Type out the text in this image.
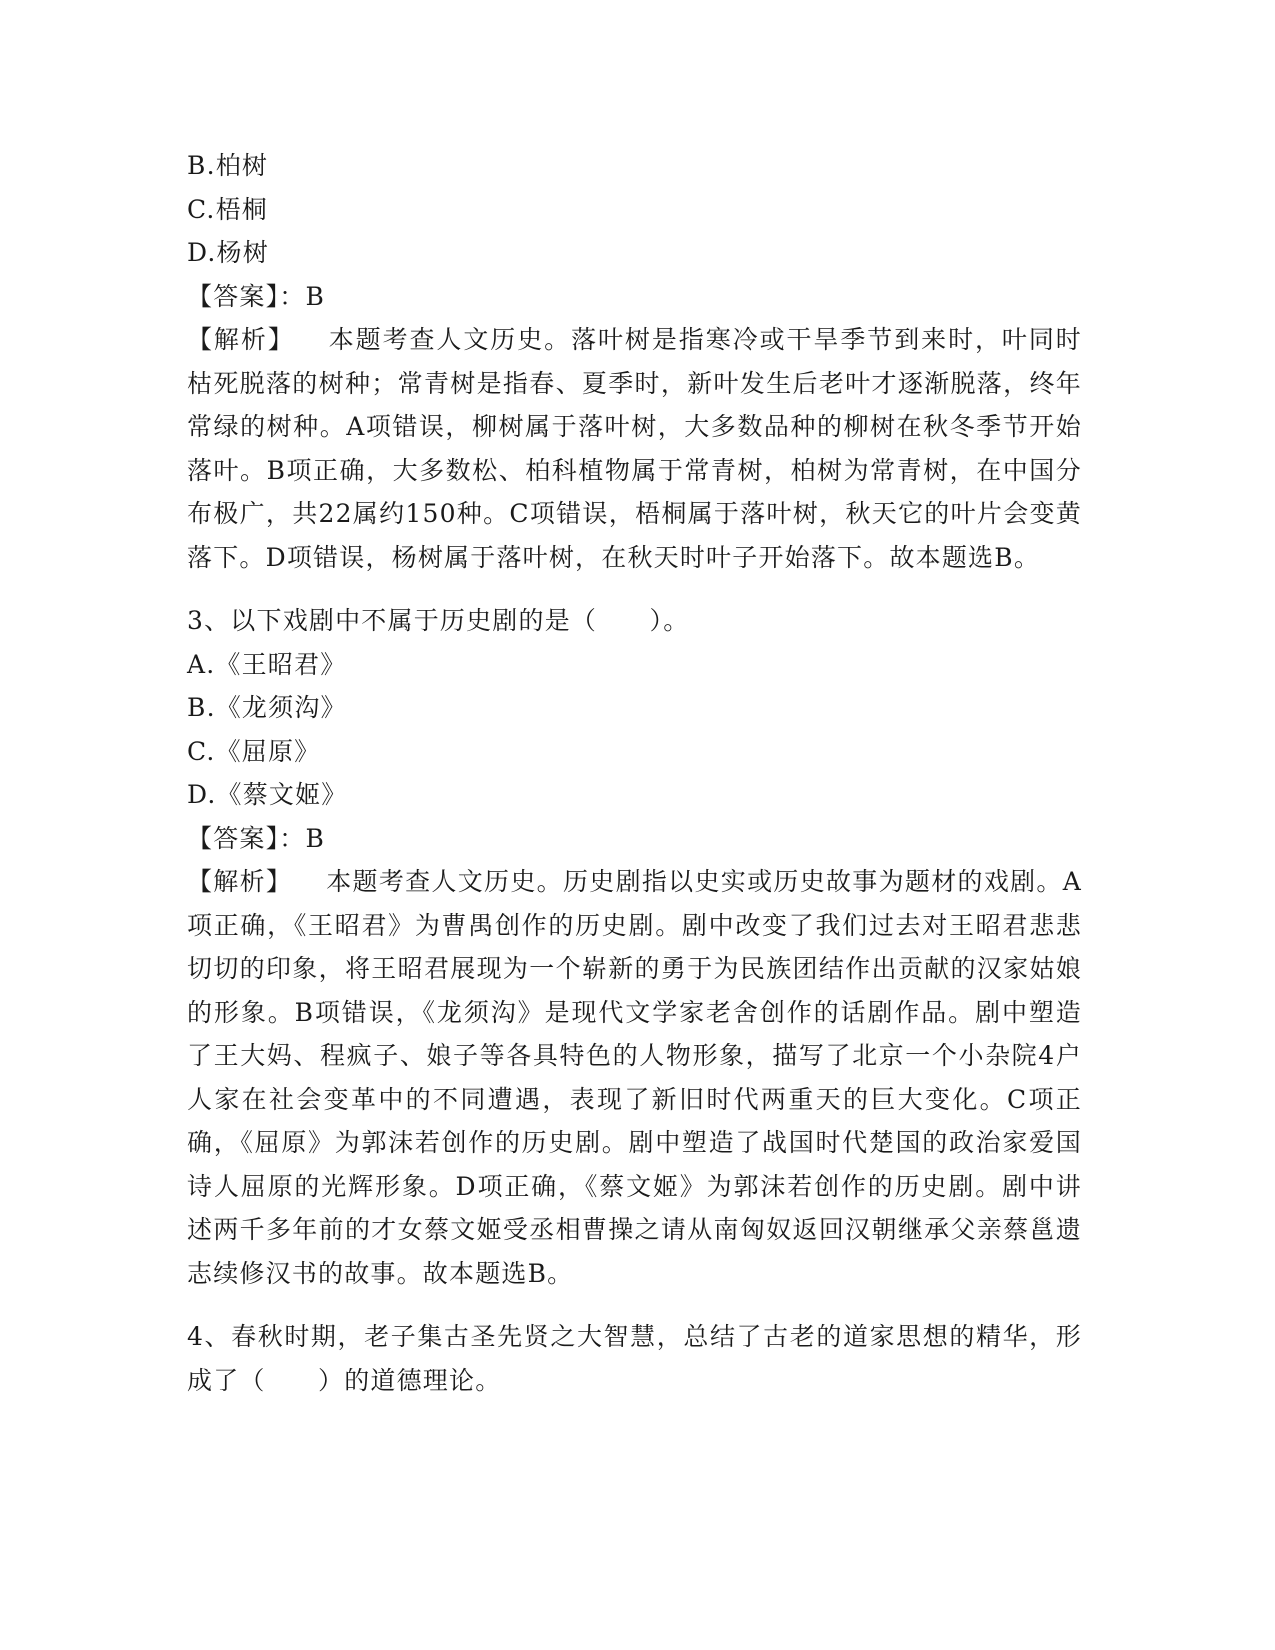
B.柏树

C.梧桐

D.杨树

【答案】：B

【解析】 本题考查人文历史。落叶树是指寒冷或干旱季节到来时，叶同时枯死脱落的树种；常青树是指春、夏季时，新叶发生后老叶才逐渐脱落，终年常绿的树种。A项错误，柳树属于落叶树，大多数品种的柳树在秋冬季节开始落叶。B项正确，大多数松、柏科植物属于常青树，柏树为常青树，在中国分布极广，共22属约150种。C项错误，梧桐属于落叶树，秋天它的叶片会变黄落下。D项错误，杨树属于落叶树，在秋天时叶子开始落下。故本题选B。

3、以下戏剧中不属于历史剧的是（　　）。

A.《王昭君》

B.《龙须沟》

C.《屈原》

D.《蔡文姬》

【答案】：B

【解析】 本题考查人文历史。历史剧指以史实或历史故事为题材的戏剧。A项正确，《王昭君》为曹禺创作的历史剧。剧中改变了我们过去对王昭君悲悲切切的印象，将王昭君展现为一个崭新的勇于为民族团结作出贡献的汉家姑娘的形象。B项错误，《龙须沟》是现代文学家老舍创作的话剧作品。剧中塑造了王大妈、程疯子、娘子等各具特色的人物形象，描写了北京一个小杂院4户人家在社会变革中的不同遭遇，表现了新旧时代两重天的巨大变化。C项正确，《屈原》为郭沫若创作的历史剧。剧中塑造了战国时代楚国的政治家爱国诗人屈原的光辉形象。D项正确，《蔡文姬》为郭沫若创作的历史剧。剧中讲述两千多年前的才女蔡文姬受丞相曹操之请从南匈奴返回汉朝继承父亲蔡邕遗志续修汉书的故事。故本题选B。

4、春秋时期，老子集古圣先贤之大智慧，总结了古老的道家思想的精华，形成了（　　）的道德理论。
